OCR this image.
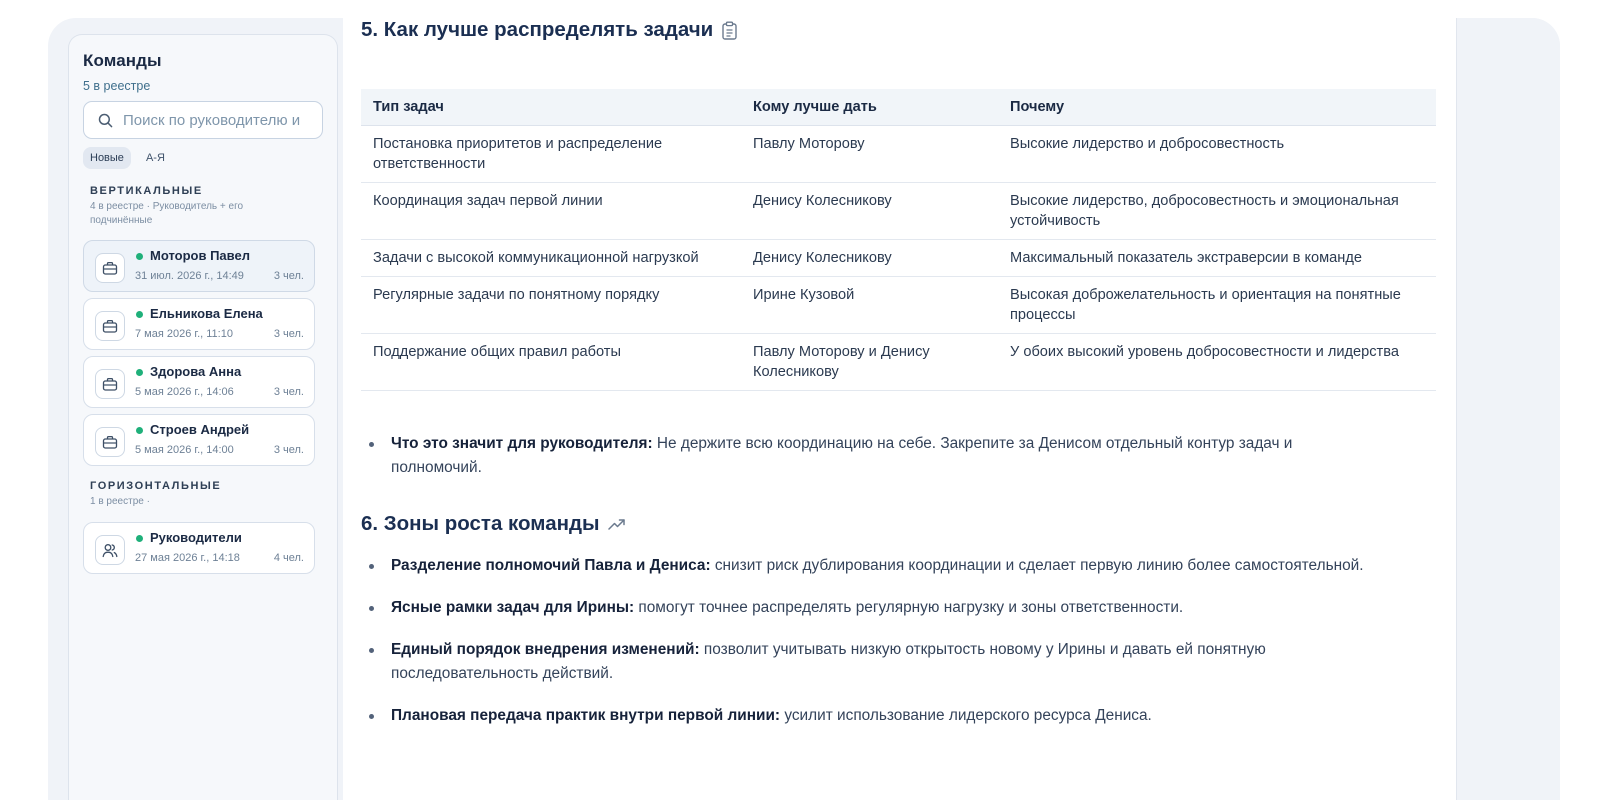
Команды
5 в реестре
Поиск по руководителю и
Новые	А-Я
ВЕРТИКАЛЬНЫЕ
4 в реестре · Руководитель + его подчинённые
Моторов Павел
31 июл. 2026 г., 14:49	3 чел.
Ельникова Елена
7 мая 2026 г., 11:10	3 чел.
Здорова Анна
5 мая 2026 г., 14:06	3 чел.
Строев Андрей
5 мая 2026 г., 14:00	3 чел.
ГОРИЗОНТАЛЬНЫЕ
1 в реестре ·
Руководители
27 мая 2026 г., 14:18	4 чел.
5. Как лучше распределять задачи
Тип задач	Кому лучше дать	Почему
Постановка приоритетов и распределение ответственности	Павлу Моторову	Высокие лидерство и добросовестность
Координация задач первой линии	Денису Колесникову	Высокие лидерство, добросовестность и эмоциональная устойчивость
Задачи с высокой коммуникационной нагрузкой	Денису Колесникову	Максимальный показатель экстраверсии в команде
Регулярные задачи по понятному порядку	Ирине Кузовой	Высокая доброжелательность и ориентация на понятные процессы
Поддержание общих правил работы	Павлу Моторову и Денису Колесникову	У обоих высокий уровень добросовестности и лидерства
Что это значит для руководителя: Не держите всю координацию на себе. Закрепите за Денисом отдельный контур задач и полномочий.
6. Зоны роста команды
Разделение полномочий Павла и Дениса: снизит риск дублирования координации и сделает первую линию более самостоятельной.
Ясные рамки задач для Ирины: помогут точнее распределять регулярную нагрузку и зоны ответственности.
Единый порядок внедрения изменений: позволит учитывать низкую открытость новому у Ирины и давать ей понятную последовательность действий.
Плановая передача практик внутри первой линии: усилит использование лидерского ресурса Дениса.
